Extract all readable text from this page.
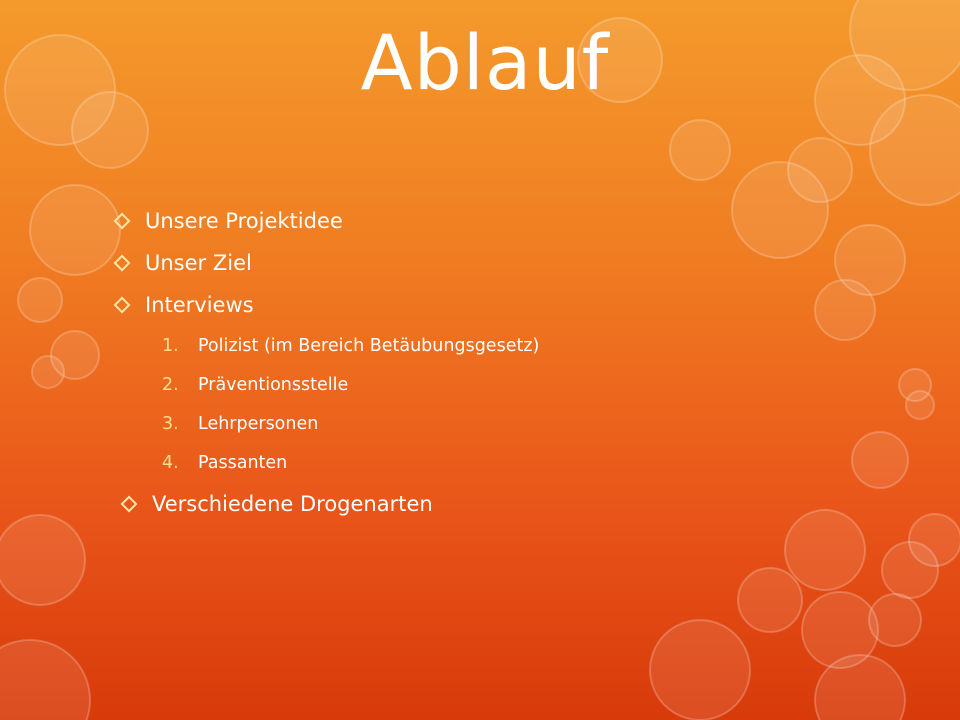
Ablauf
Unsere Projektidee
Unser Ziel
Interviews
1.	Polizist (im Bereich Betäubungsgesetz)
2.	Präventionsstelle
3.	Lehrpersonen
4.	Passanten
Verschiedene Drogenarten
